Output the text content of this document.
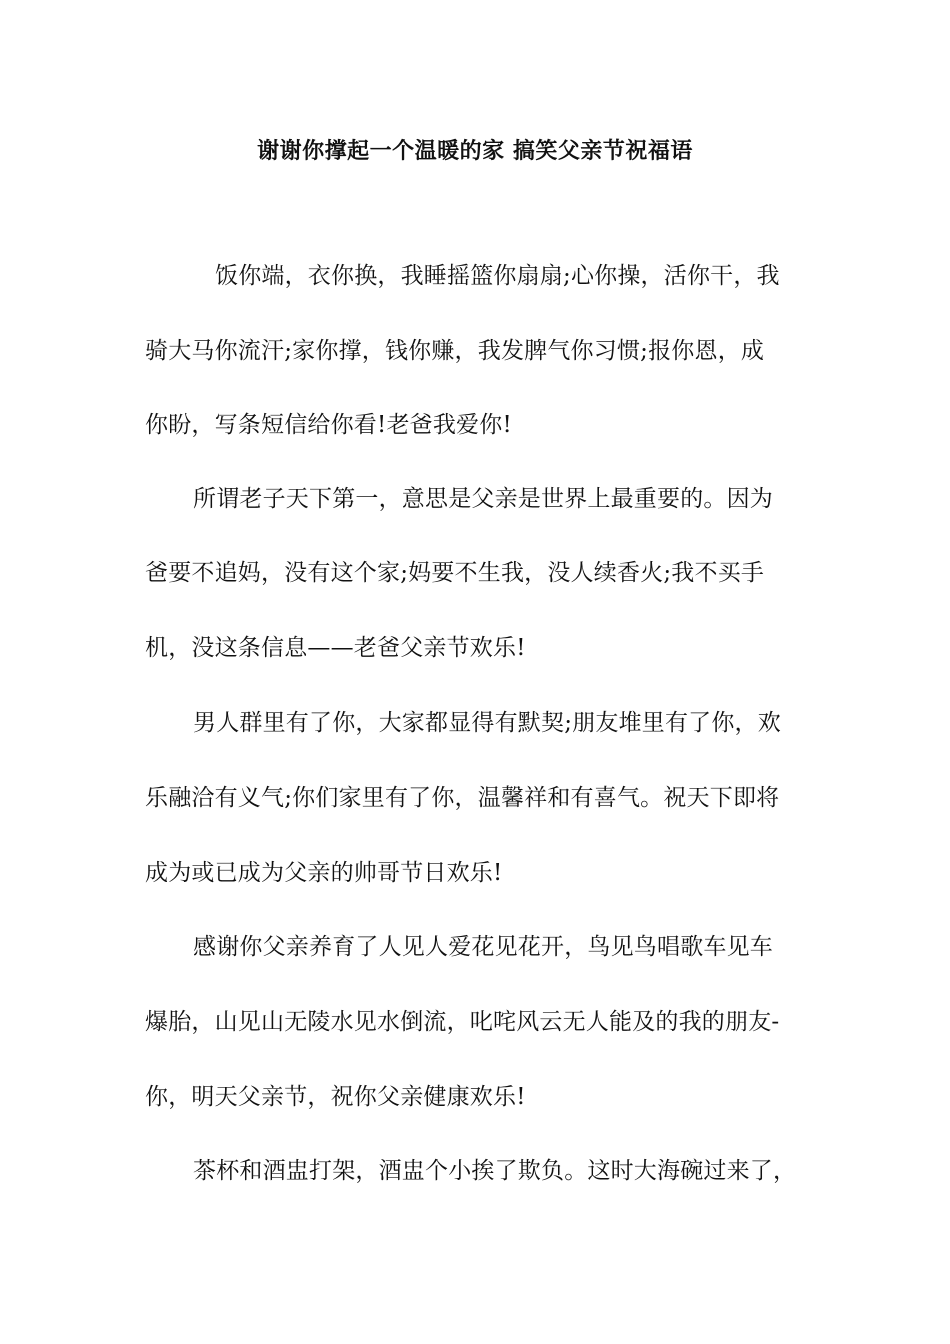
谢谢你撑起一个温暖的家 搞笑父亲节祝福语
饭你端，衣你换，我睡摇篮你扇扇;心你操，活你干，我
骑大马你流汗;家你撑，钱你赚，我发脾气你习惯;报你恩，成
你盼，写条短信给你看!老爸我爱你!
所谓老子天下第一，意思是父亲是世界上最重要的。因为
爸要不追妈，没有这个家;妈要不生我，没人续香火;我不买手
机，没这条信息——老爸父亲节欢乐!
男人群里有了你，大家都显得有默契;朋友堆里有了你，欢
乐融洽有义气;你们家里有了你，温馨祥和有喜气。祝天下即将
成为或已成为父亲的帅哥节日欢乐!
感谢你父亲养育了人见人爱花见花开，鸟见鸟唱歌车见车
爆胎，山见山无陵水见水倒流，叱咤风云无人能及的我的朋友-
你，明天父亲节，祝你父亲健康欢乐!
茶杯和酒盅打架，酒盅个小挨了欺负。这时大海碗过来了，
